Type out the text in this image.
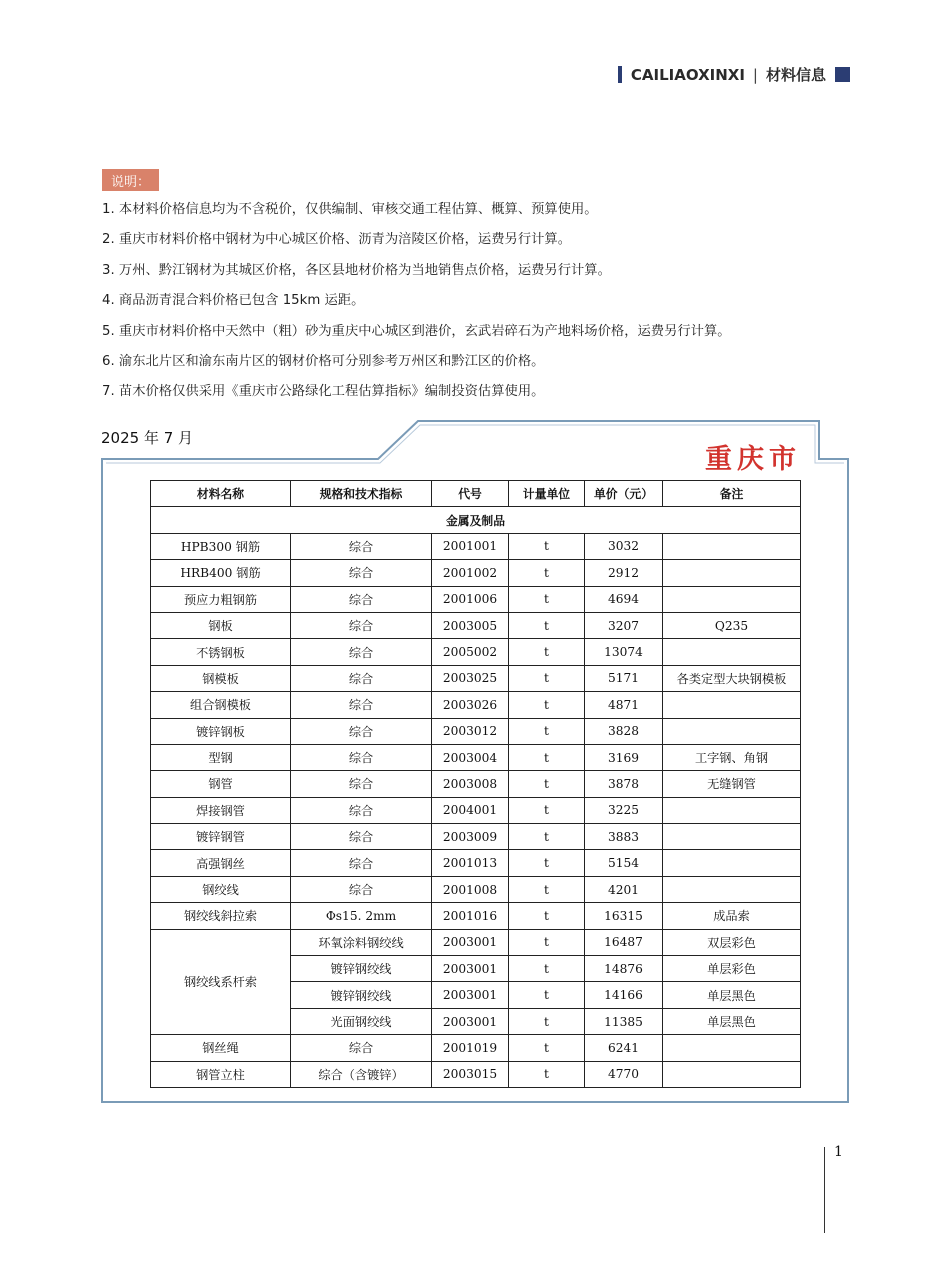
CAILIAOXINXI | 材料信息
说明：
1. 本材料价格信息均为不含税价，仅供编制、审核交通工程估算、概算、预算使用。
2. 重庆市材料价格中钢材为中心城区价格、沥青为涪陵区价格，运费另行计算。
3. 万州、黔江钢材为其城区价格，各区县地材价格为当地销售点价格，运费另行计算。
4. 商品沥青混合料价格已包含 15km 运距。
5. 重庆市材料价格中天然中（粗）砂为重庆中心城区到港价，玄武岩碎石为产地料场价格，运费另行计算。
6. 渝东北片区和渝东南片区的钢材价格可分别参考万州区和黔江区的价格。
7. 苗木价格仅供采用《重庆市公路绿化工程估算指标》编制投资估算使用。
2025 年 7 月
重庆市
材料名称	规格和技术指标	代号	计量单位	单价（元）	备注
金属及制品					
HPB300 钢筋	综合	2001001	t	3032	
HRB400 钢筋	综合	2001002	t	2912	
预应力粗钢筋	综合	2001006	t	4694	
钢板	综合	2003005	t	3207	Q235
不锈钢板	综合	2005002	t	13074	
钢模板	综合	2003025	t	5171	各类定型大块钢模板
组合钢模板	综合	2003026	t	4871	
镀锌钢板	综合	2003012	t	3828	
型钢	综合	2003004	t	3169	工字钢、角钢
钢管	综合	2003008	t	3878	无缝钢管
焊接钢管	综合	2004001	t	3225	
镀锌钢管	综合	2003009	t	3883	
高强钢丝	综合	2001013	t	5154	
钢绞线	综合	2001008	t	4201	
钢绞线斜拉索	Φs15. 2mm	2001016	t	16315	成品索
钢绞线系杆索	环氧涂料钢绞线	2003001	t	16487	双层彩色
	镀锌钢绞线	2003001	t	14876	单层彩色
	镀锌钢绞线	2003001	t	14166	单层黑色
	光面钢绞线	2003001	t	11385	单层黑色
钢丝绳	综合	2001019	t	6241	
钢管立柱	综合（含镀锌）	2003015	t	4770	
1
